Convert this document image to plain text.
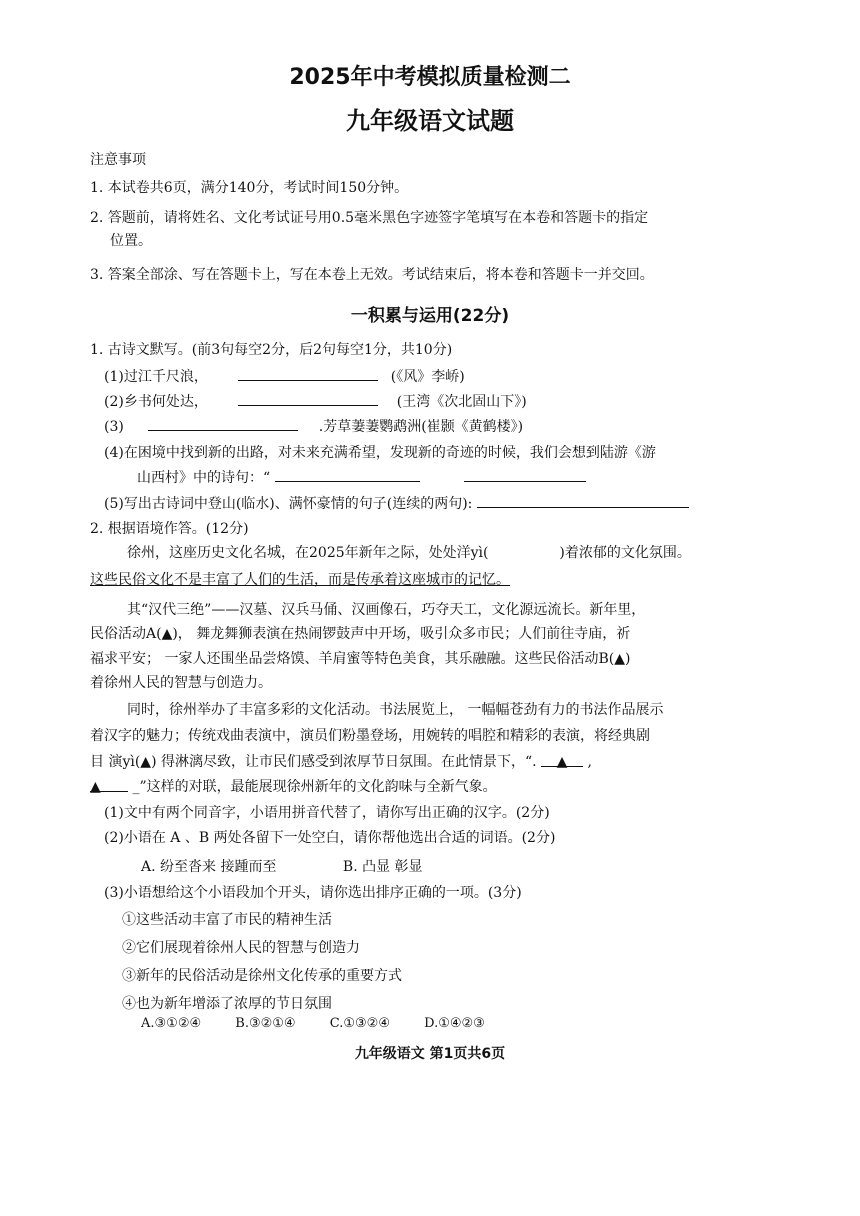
2025年中考模拟质量检测二
九年级语文试题
注意事项
1. 本试卷共6页，满分140分，考试时间150分钟。
2. 答题前，请将姓名、文化考试证号用0.5毫米黑色字迹签字笔填写在本卷和答题卡的指定
位置。
3. 答案全部涂、写在答题卡上，写在本卷上无效。考试结束后，将本卷和答题卡一并交回。
一积累与运用(22分)
1. 古诗文默写。(前3句每空2分，后2句每空1分，共10分)
(1)过江千尺浪，	(《风》李峤)
(2)乡书何处达，	(王湾《次北固山下》)
(3)	.芳草萋萋鹦鹉洲(崔颢《黄鹤楼》)
(4)在困境中找到新的出路，对未来充满希望，发现新的奇迹的时候，我们会想到陆游《游
山西村》中的诗句：“
(5)写出古诗词中登山(临水)、满怀豪情的句子(连续的两句):
2. 根据语境作答。(12分)
徐州，这座历史文化名城，在2025年新年之际，处处洋yì(	)着浓郁的文化氛围。
这些民俗文化不是丰富了人们的生活，而是传承着这座城市的记忆。
其“汉代三绝”——汉墓、汉兵马俑、汉画像石，巧夺天工，文化源远流长。新年里，
民俗活动A(▲)， 舞龙舞狮表演在热闹锣鼓声中开场，吸引众多市民；人们前往寺庙，祈
福求平安； 一家人还围坐品尝烙馍、羊肩蜜等特色美食，其乐融融。这些民俗活动B(▲)
着徐州人民的智慧与创造力。
同时，徐州举办了丰富多彩的文化活动。书法展览上， 一幅幅苍劲有力的书法作品展示
着汉字的魅力；传统戏曲表演中，演员们粉墨登场，用婉转的唱腔和精彩的表演，将经典剧
目 演yì(▲) 得淋漓尽致，让市民们感受到浓厚节日氛围。在此情景下，“. ▲ ,
▲ _”这样的对联，最能展现徐州新年的文化韵味与全新气象。
(1)文中有两个同音字，小语用拼音代替了，请你写出正确的汉字。(2分)
(2)小语在 A 、B 两处各留下一处空白，请你帮他选出合适的词语。(2分)
A. 纷至沓来 接踵而至	B. 凸显 彰显
(3)小语想给这个小语段加个开头，请你选出排序正确的一项。(3分)
①这些活动丰富了市民的精神生活
②它们展现着徐州人民的智慧与创造力
③新年的民俗活动是徐州文化传承的重要方式
④也为新年增添了浓厚的节日氛围
A.③①②④	B.③②①④	C.①③②④	D.①④②③
九年级语文 第1页共6页
